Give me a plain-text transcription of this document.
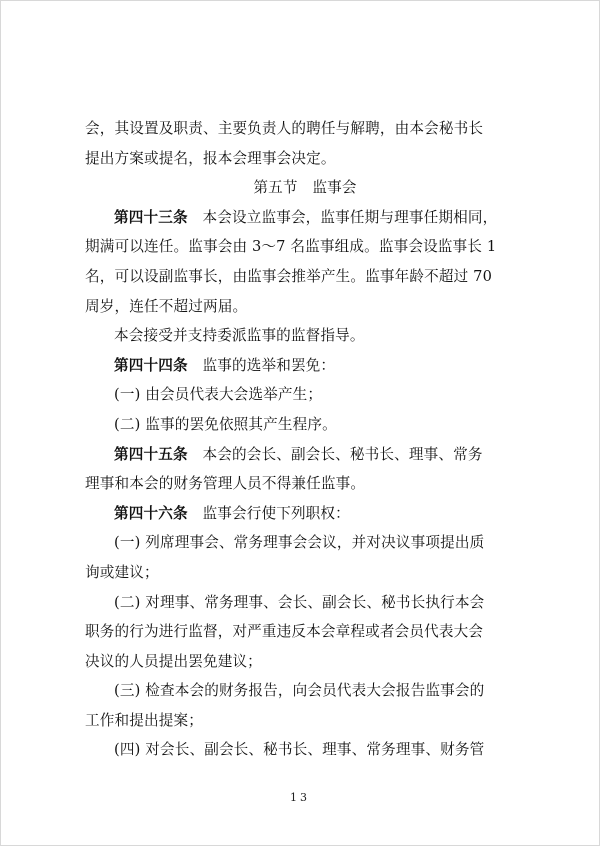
会，其设置及职责、主要负责人的聘任与解聘，由本会秘书长
提出方案或提名，报本会理事会决定。
第五节　监事会
第四十三条　本会设立监事会，监事任期与理事任期相同，
期满可以连任。监事会由 3～7 名监事组成。监事会设监事长 1
名，可以设副监事长，由监事会推举产生。监事年龄不超过 70
周岁，连任不超过两届。
本会接受并支持委派监事的监督指导。
第四十四条　监事的选举和罢免：
(一) 由会员代表大会选举产生；
(二) 监事的罢免依照其产生程序。
第四十五条　本会的会长、副会长、秘书长、理事、常务
理事和本会的财务管理人员不得兼任监事。
第四十六条　监事会行使下列职权：
(一) 列席理事会、常务理事会会议，并对决议事项提出质
询或建议；
(二) 对理事、常务理事、会长、副会长、秘书长执行本会
职务的行为进行监督，对严重违反本会章程或者会员代表大会
决议的人员提出罢免建议；
(三) 检查本会的财务报告，向会员代表大会报告监事会的
工作和提出提案；
(四) 对会长、副会长、秘书长、理事、常务理事、财务管
13
